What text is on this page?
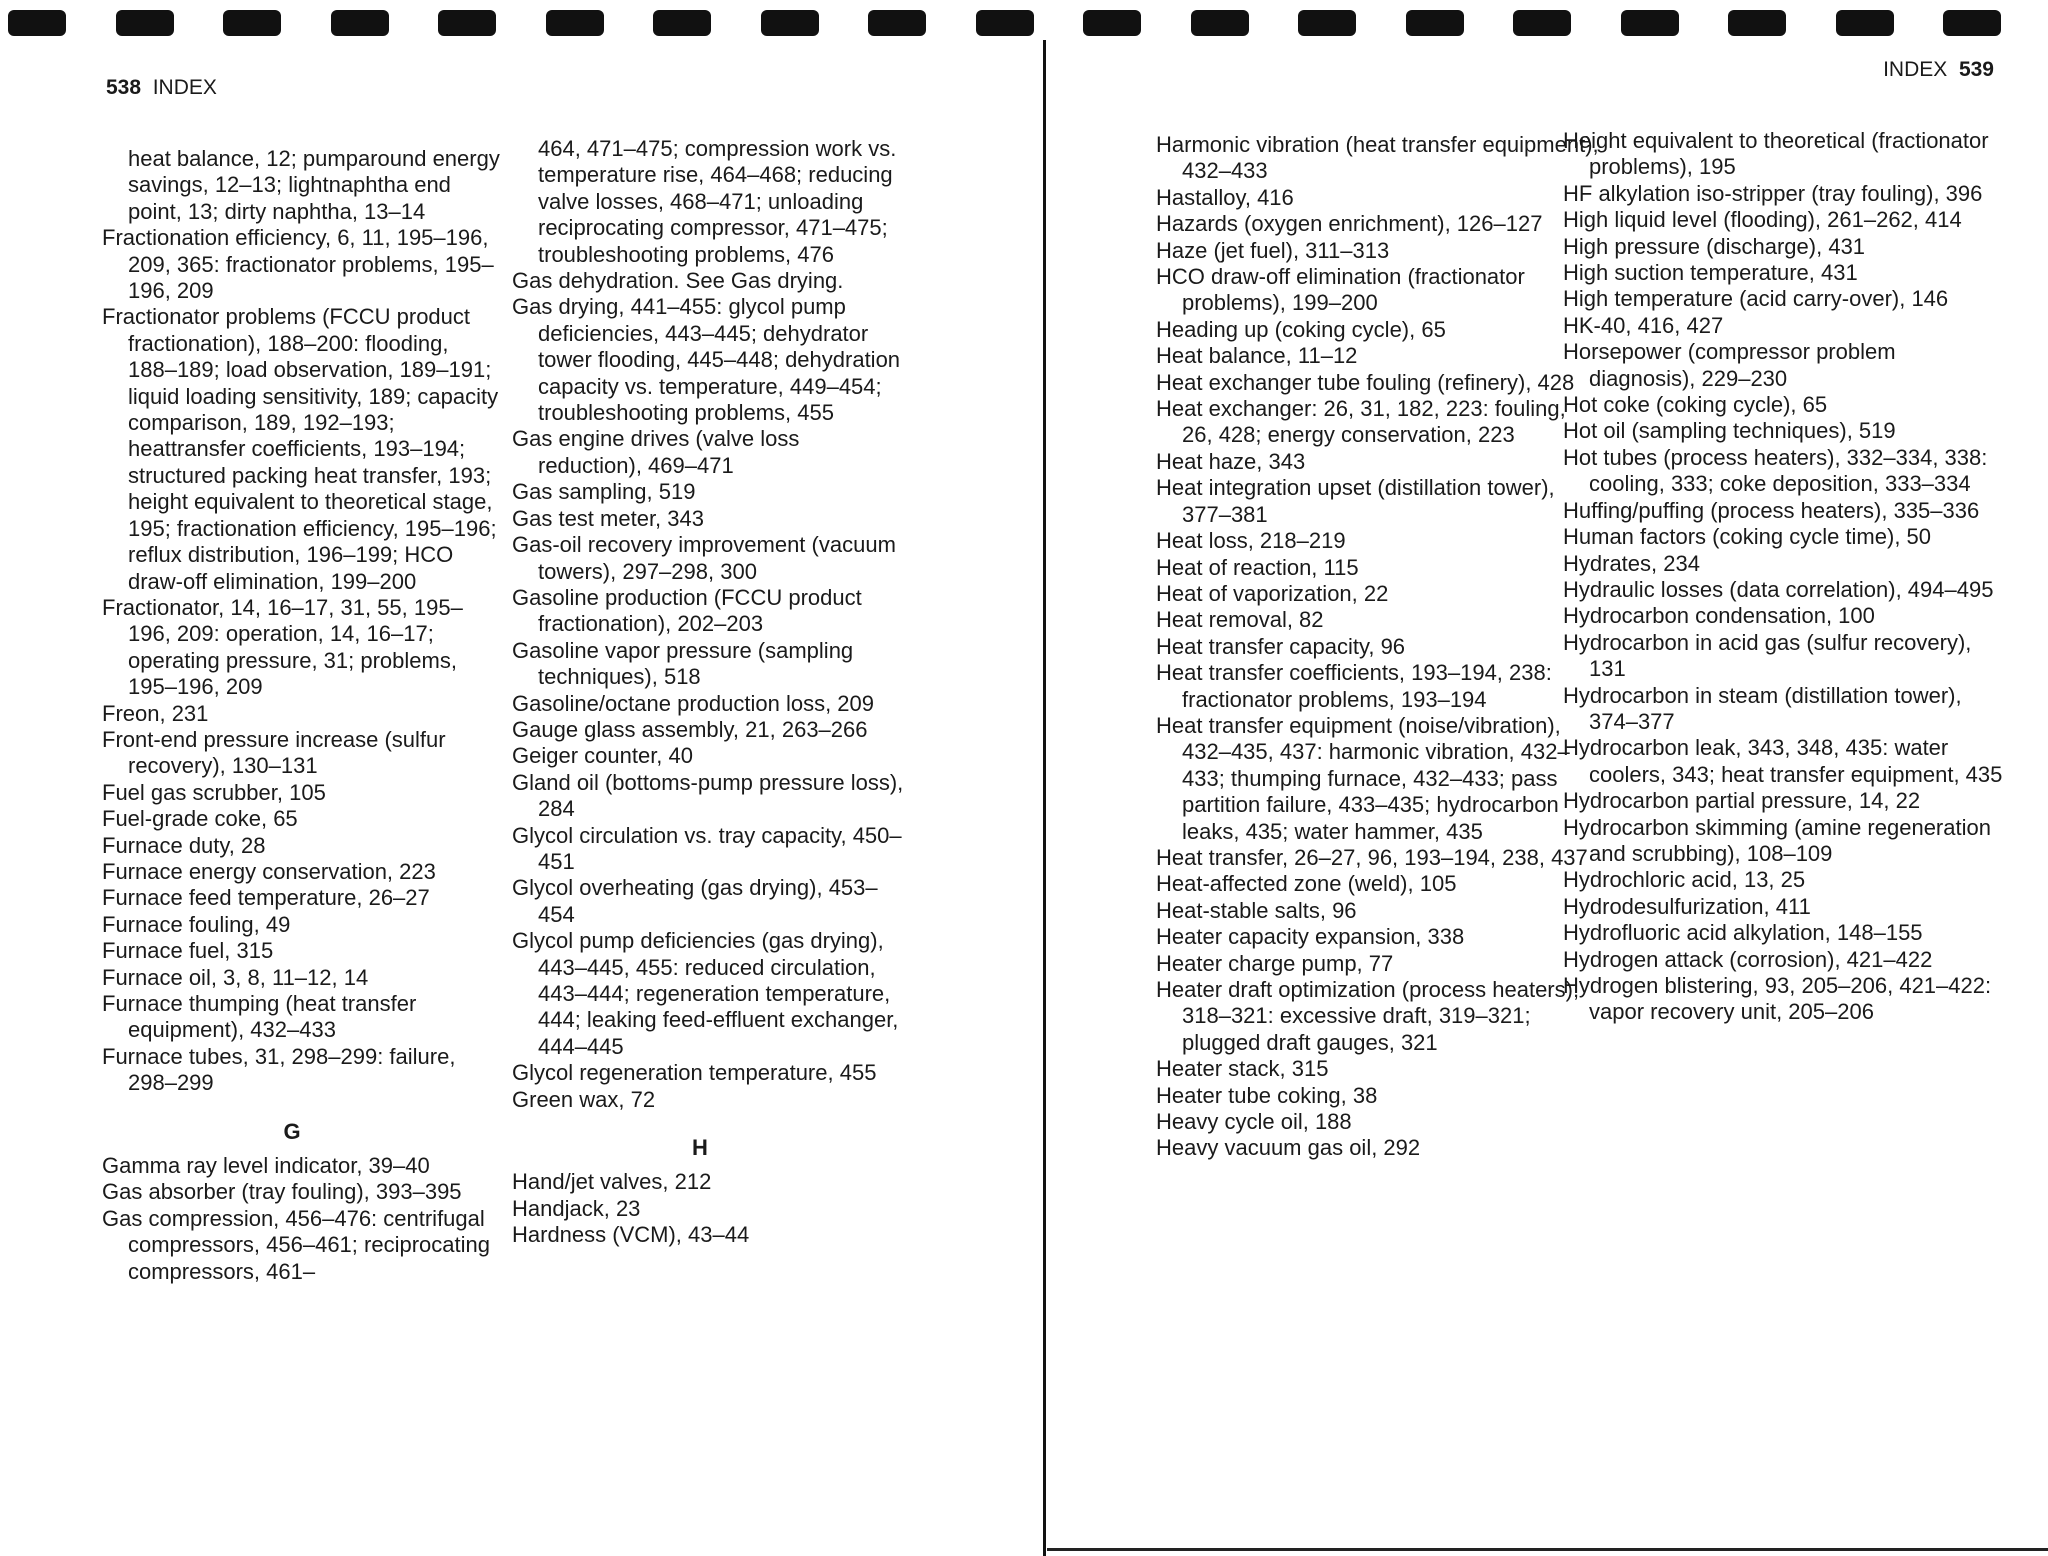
538 INDEX

heat balance, 12; pumparound energy savings, 12–13; lightnaphtha end point, 13; dirty naphtha, 13–14

Fractionation efficiency, 6, 11, 195–196, 209, 365: fractionator problems, 195–196, 209

Fractionator problems (FCCU product fractionation), 188–200: flooding, 188–189; load observation, 189–191; liquid loading sensitivity, 189; capacity comparison, 189, 192–193; heattransfer coefficients, 193–194; structured packing heat transfer, 193; height equivalent to theoretical stage, 195; fractionation efficiency, 195–196; reflux distribution, 196–199; HCO draw-off elimination, 199–200

Fractionator, 14, 16–17, 31, 55, 195–196, 209: operation, 14, 16–17; operating pressure, 31; problems, 195–196, 209

Freon, 231

Front-end pressure increase (sulfur recovery), 130–131

Fuel gas scrubber, 105

Fuel-grade coke, 65

Furnace duty, 28

Furnace energy conservation, 223

Furnace feed temperature, 26–27

Furnace fouling, 49

Furnace fuel, 315

Furnace oil, 3, 8, 11–12, 14

Furnace thumping (heat transfer equipment), 432–433

Furnace tubes, 31, 298–299: failure, 298–299

G

Gamma ray level indicator, 39–40

Gas absorber (tray fouling), 393–395

Gas compression, 456–476: centrifugal compressors, 456–461; reciprocating compressors, 461–

464, 471–475; compression work vs. temperature rise, 464–468; reducing valve losses, 468–471; unloading reciprocating compressor, 471–475; troubleshooting problems, 476

Gas dehydration. See Gas drying.

Gas drying, 441–455: glycol pump deficiencies, 443–445; dehydrator tower flooding, 445–448; dehydration capacity vs. temperature, 449–454; troubleshooting problems, 455

Gas engine drives (valve loss reduction), 469–471

Gas sampling, 519

Gas test meter, 343

Gas-oil recovery improvement (vacuum towers), 297–298, 300

Gasoline production (FCCU product fractionation), 202–203

Gasoline vapor pressure (sampling techniques), 518

Gasoline/octane production loss, 209

Gauge glass assembly, 21, 263–266

Geiger counter, 40

Gland oil (bottoms-pump pressure loss), 284

Glycol circulation vs. tray capacity, 450–451

Glycol overheating (gas drying), 453–454

Glycol pump deficiencies (gas drying), 443–445, 455: reduced circulation, 443–444; regeneration temperature, 444; leaking feed-effluent exchanger, 444–445

Glycol regeneration temperature, 455

Green wax, 72

H

Hand/jet valves, 212

Handjack, 23

Hardness (VCM), 43–44

INDEX 539

Harmonic vibration (heat transfer equipment), 432–433

Hastalloy, 416

Hazards (oxygen enrichment), 126–127

Haze (jet fuel), 311–313

HCO draw-off elimination (fractionator problems), 199–200

Heading up (coking cycle), 65

Heat balance, 11–12

Heat exchanger tube fouling (refinery), 428

Heat exchanger: 26, 31, 182, 223: fouling, 26, 428; energy conservation, 223

Heat haze, 343

Heat integration upset (distillation tower), 377–381

Heat loss, 218–219

Heat of reaction, 115

Heat of vaporization, 22

Heat removal, 82

Heat transfer capacity, 96

Heat transfer coefficients, 193–194, 238: fractionator problems, 193–194

Heat transfer equipment (noise/vibration), 432–435, 437: harmonic vibration, 432–433; thumping furnace, 432–433; pass partition failure, 433–435; hydrocarbon leaks, 435; water hammer, 435

Heat transfer, 26–27, 96, 193–194, 238, 437

Heat-affected zone (weld), 105

Heat-stable salts, 96

Heater capacity expansion, 338

Heater charge pump, 77

Heater draft optimization (process heaters), 318–321: excessive draft, 319–321; plugged draft gauges, 321

Heater stack, 315

Heater tube coking, 38

Heavy cycle oil, 188

Heavy vacuum gas oil, 292

Height equivalent to theoretical (fractionator problems), 195

HF alkylation iso-stripper (tray fouling), 396

High liquid level (flooding), 261–262, 414

High pressure (discharge), 431

High suction temperature, 431

High temperature (acid carry-over), 146

HK-40, 416, 427

Horsepower (compressor problem diagnosis), 229–230

Hot coke (coking cycle), 65

Hot oil (sampling techniques), 519

Hot tubes (process heaters), 332–334, 338: cooling, 333; coke deposition, 333–334

Huffing/puffing (process heaters), 335–336

Human factors (coking cycle time), 50

Hydrates, 234

Hydraulic losses (data correlation), 494–495

Hydrocarbon condensation, 100

Hydrocarbon in acid gas (sulfur recovery), 131

Hydrocarbon in steam (distillation tower), 374–377

Hydrocarbon leak, 343, 348, 435: water coolers, 343; heat transfer equipment, 435

Hydrocarbon partial pressure, 14, 22

Hydrocarbon skimming (amine regeneration and scrubbing), 108–109

Hydrochloric acid, 13, 25

Hydrodesulfurization, 411

Hydrofluoric acid alkylation, 148–155

Hydrogen attack (corrosion), 421–422

Hydrogen blistering, 93, 205–206, 421–422: vapor recovery unit, 205–206
